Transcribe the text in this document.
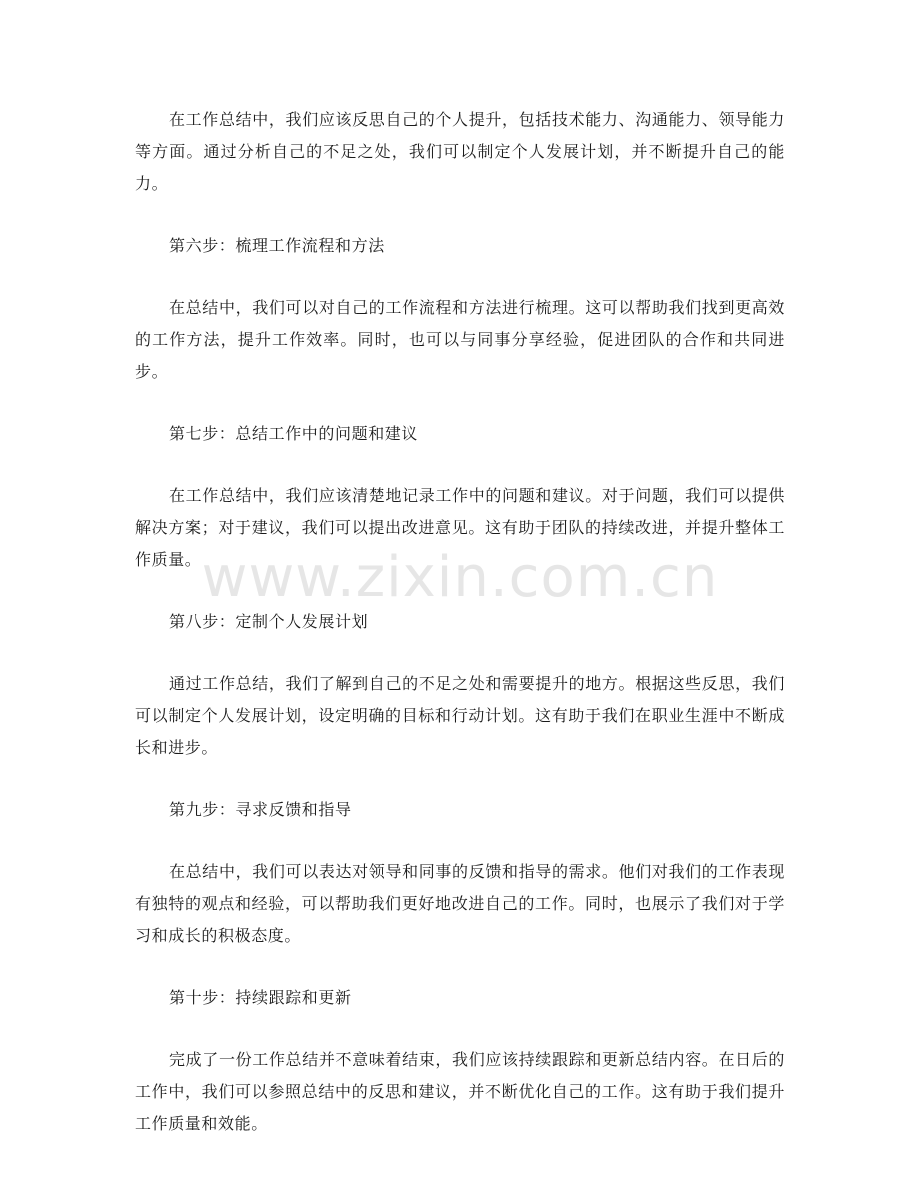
在工作总结中，我们应该反思自己的个人提升，包括技术能力、沟通能力、领导能力等方面。通过分析自己的不足之处，我们可以制定个人发展计划，并不断提升自己的能力。

第六步：梳理工作流程和方法

在总结中，我们可以对自己的工作流程和方法进行梳理。这可以帮助我们找到更高效的工作方法，提升工作效率。同时，也可以与同事分享经验，促进团队的合作和共同进步。

第七步：总结工作中的问题和建议

在工作总结中，我们应该清楚地记录工作中的问题和建议。对于问题，我们可以提供解决方案；对于建议，我们可以提出改进意见。这有助于团队的持续改进，并提升整体工作质量。

第八步：定制个人发展计划

通过工作总结，我们了解到自己的不足之处和需要提升的地方。根据这些反思，我们可以制定个人发展计划，设定明确的目标和行动计划。这有助于我们在职业生涯中不断成长和进步。

第九步：寻求反馈和指导

在总结中，我们可以表达对领导和同事的反馈和指导的需求。他们对我们的工作表现有独特的观点和经验，可以帮助我们更好地改进自己的工作。同时，也展示了我们对于学习和成长的积极态度。

第十步：持续跟踪和更新

完成了一份工作总结并不意味着结束，我们应该持续跟踪和更新总结内容。在日后的工作中，我们可以参照总结中的反思和建议，并不断优化自己的工作。这有助于我们提升工作质量和效能。

www.zixin.com.cn
